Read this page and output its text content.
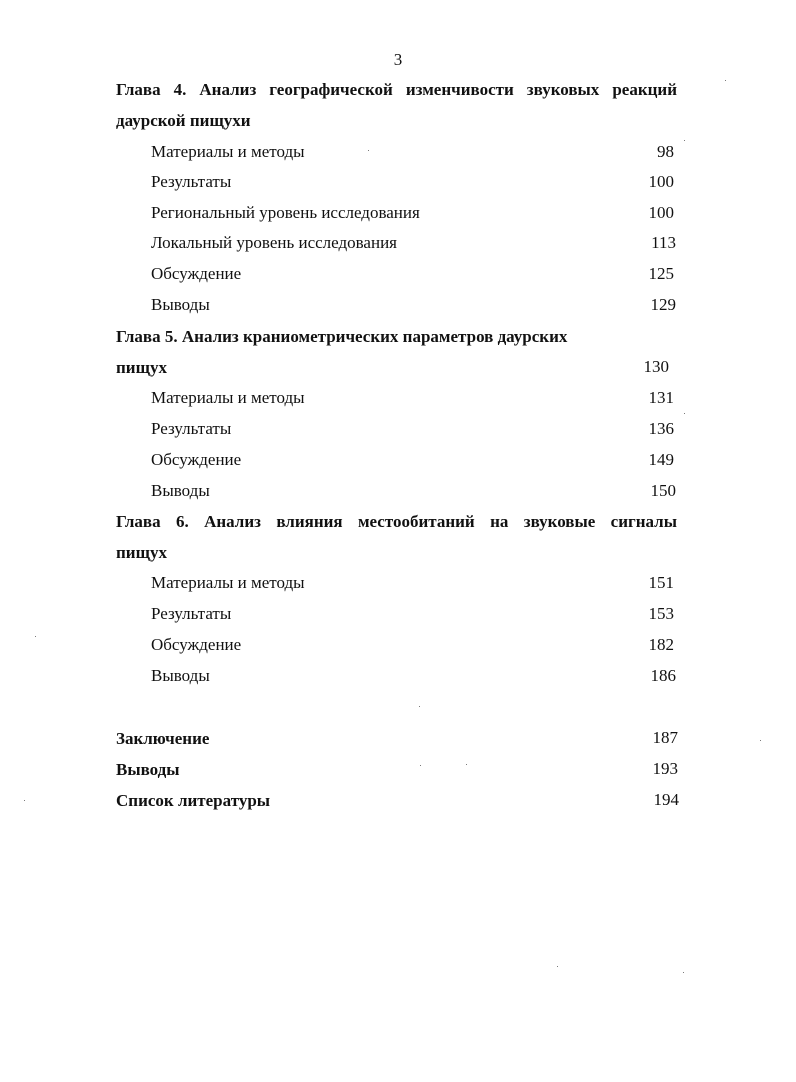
3
Глава 4. Анализ географической изменчивости звуковых реакций
даурской пищухи
Материалы и методы	98
Результаты	100
Региональный уровень исследования	100
Локальный уровень исследования	113
Обсуждение	125
Выводы	129
Глава 5. Анализ краниометрических параметров даурских
пищух	130
Материалы и методы	131
Результаты	136
Обсуждение	149
Выводы	150
Глава 6. Анализ влияния местообитаний на звуковые сигналы
пищух
Материалы и методы	151
Результаты	153
Обсуждение	182
Выводы	186
Заключение	187
Выводы	193
Список литературы	194
